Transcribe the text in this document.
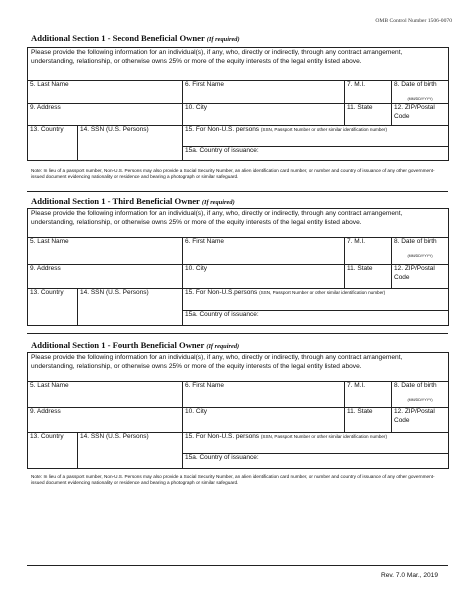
OMB Control Number 1506-0070
Additional Section 1 - Second Beneficial Owner (If required)
Please provide the following information for an individual(s), if any, who, directly or indirectly, through any contract arrangement, understanding, relationship, or otherwise owns 25% or more of the equity interests of the legal entity listed above.				
5. Last Name		6. First Name	7. M.I.	8. Date of birth
(MM/DD/YYYY)

9. Address		10. City	11. State	12. ZIP/Postal Code
13. Country	14. SSN (U.S. Persons)	15. For Non-U.S. persons (SSN, Passport Number or other similar identification number)		
		15a. Country of issuance:		
Note: In lieu of a passport number, Non-U.S. Persons may also provide a Social Security Number, an alien identification card number, or number and country of issuance of any other government-issued document evidencing nationality or residence and bearing a photograph or similar safeguard.
Additional Section 1 - Third Beneficial Owner (If required)
Please provide the following information for an individual(s), if any, who, directly or indirectly, through any contract arrangement, understanding, relationship, or otherwise owns 25% or more of the equity interests of the legal entity listed above.				
5. Last Name		6. First Name	7. M.I.	8. Date of birth
(MM/DD/YYYY)

9. Address		10. City	11. State	12. ZIP/Postal Code
13. Country	14. SSN (U.S. Persons)	15. For Non-U.S.persons (SSN, Passport Number or other similar identification number)		
		15a. Country of issuance:		
Additional Section 1 - Fourth Beneficial Owner (If required)
Please provide the following information for an individual(s), if any, who, directly or indirectly, through any contract arrangement, understanding, relationship, or otherwise owns 25% or more of the equity interests of the legal entity listed above.				
5. Last Name		6. First Name	7. M.I.	8. Date of birth
(MM/DD/YYYY)

9. Address		10. City	11. State	12. ZIP/Postal Code
13. Country	14. SSN (U.S. Persons)	15. For Non-U.S. persons (SSN, Passport Number or other similar identification number)		
		15a. Country of issuance:		
Note: In lieu of a passport number, Non-U.S. Persons may also provide a Social Security Number, an alien identification card number, or number and country of issuance of any other government-issued document evidencing nationality or residence and bearing a photograph or similar safeguard.
Rev. 7.0 Mar., 2019
